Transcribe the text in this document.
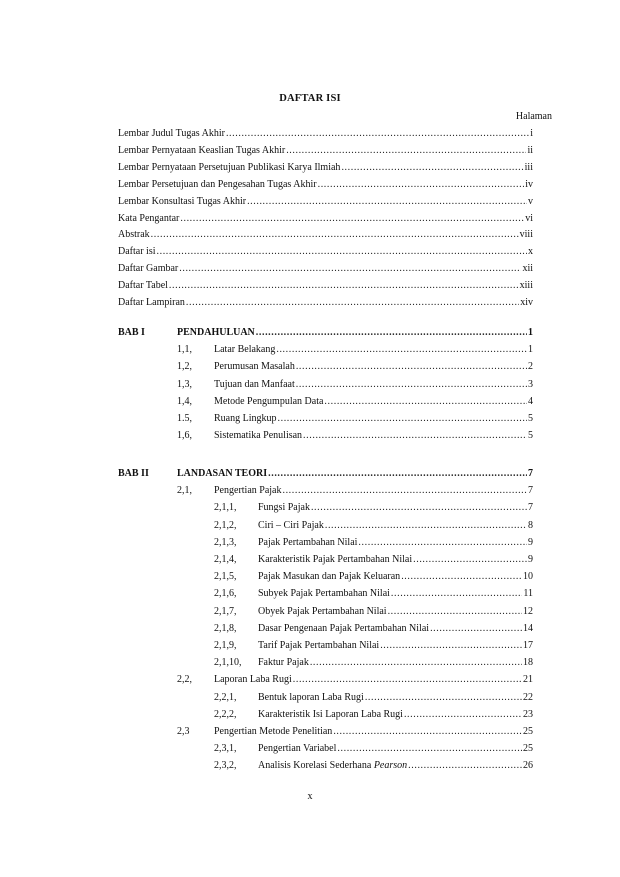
DAFTAR ISI
Halaman
Lembar Judul Tugas Akhir .....	i
Lembar Pernyataan Keaslian Tugas Akhir .....	ii
Lembar Pernyataan Persetujuan Publikasi Karya Ilmiah .....	iii
Lembar Persetujuan dan Pengesahan Tugas Akhir .....	iv
Lembar Konsultasi Tugas Akhir .....	v
Kata Pengantar .....	vi
Abstrak .....	viii
Daftar isi .....	x
Daftar Gambar .....	xii
Daftar Tabel .....	xiii
Daftar Lampiran .....	xiv
BAB I	PENDAHULUAN .....	1
1,1, Latar Belakang .....	1
1,2, Perumusan Masalah .....	2
1,3, Tujuan dan Manfaat .....	3
1,4, Metode Pengumpulan Data .....	4
1.5, Ruang Lingkup .....	5
1,6, Sistematika Penulisan .....	5
BAB II	LANDASAN TEORI .....	7
2,1, Pengertian Pajak .....	7
2,1,1, Fungsi Pajak .....	7
2,1,2, Ciri – Ciri Pajak .....	8
2,1,3, Pajak Pertambahan Nilai .....	9
2,1,4, Karakteristik Pajak Pertambahan Nilai .....	9
2,1,5, Pajak Masukan dan Pajak Keluaran .....	10
2,1,6, Subyek Pajak Pertambahan Nilai .....	11
2,1,7, Obyek Pajak Pertambahan Nilai .....	12
2,1,8, Dasar Pengenaan Pajak Pertambahan Nilai .....	14
2,1,9, Tarif Pajak Pertambahan Nilai .....	17
2,1,10, Faktur Pajak .....	18
2,2, Laporan Laba Rugi .....	21
2,2,1, Bentuk laporan Laba Rugi .....	22
2,2,2, Karakteristik Isi Laporan Laba Rugi .....	23
2,3 Pengertian Metode Penelitian .....	25
2,3,1, Pengertian Variabel .....	25
2,3,2, Analisis Korelasi Sederhana Pearson .....	26
x
